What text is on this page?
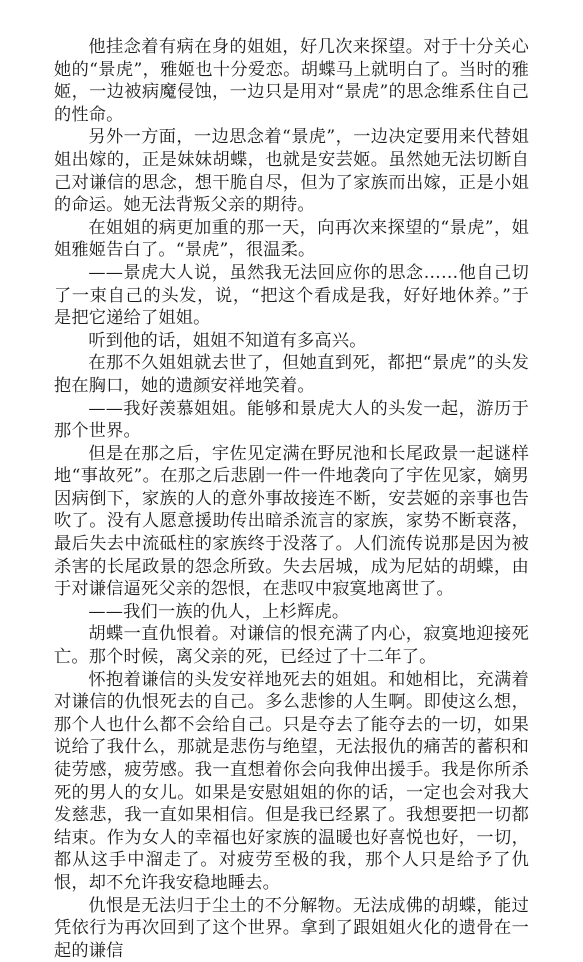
他挂念着有病在身的姐姐，好几次来探望。对于十分关心她的“景虎”，雅姬也十分爱恋。胡蝶马上就明白了。当时的雅姬，一边被病魔侵蚀，一边只是用对“景虎”的思念维系住自己的性命。

另外一方面，一边思念着“景虎”，一边决定要用来代替姐姐出嫁的，正是妹妹胡蝶，也就是安芸姬。虽然她无法切断自己对谦信的思念，想干脆自尽，但为了家族而出嫁，正是小姐的命运。她无法背叛父亲的期待。

在姐姐的病更加重的那一天，向再次来探望的“景虎”，姐姐雅姬告白了。“景虎”，很温柔。

——景虎大人说，虽然我无法回应你的思念……他自己切了一束自己的头发，说，“把这个看成是我，好好地休养。”于是把它递给了姐姐。

听到他的话，姐姐不知道有多高兴。

在那不久姐姐就去世了，但她直到死，都把“景虎”的头发抱在胸口，她的遗颜安祥地笑着。

——我好羡慕姐姐。能够和景虎大人的头发一起，游历于那个世界。

但是在那之后，宇佐见定满在野尻池和长尾政景一起谜样地“事故死”。在那之后悲剧一件一件地袭向了宇佐见家，嫡男因病倒下，家族的人的意外事故接连不断，安芸姬的亲事也告吹了。没有人愿意援助传出暗杀流言的家族，家势不断衰落，最后失去中流砥柱的家族终于没落了。人们流传说那是因为被杀害的长尾政景的怨念所致。失去居城，成为尼姑的胡蝶，由于对谦信逼死父亲的怨恨，在悲叹中寂寞地离世了。

——我们一族的仇人，上杉辉虎。

胡蝶一直仇恨着。对谦信的恨充满了内心，寂寞地迎接死亡。那个时候，离父亲的死，已经过了十二年了。

怀抱着谦信的头发安祥地死去的姐姐。和她相比，充满着对谦信的仇恨死去的自己。多么悲惨的人生啊。即使这么想，那个人也什么都不会给自己。只是夺去了能夺去的一切，如果说给了我什么，那就是悲伤与绝望，无法报仇的痛苦的蓄积和徒劳感，疲劳感。我一直想着你会向我伸出援手。我是你所杀死的男人的女儿。如果是安慰姐姐的你的话，一定也会对我大发慈悲，我一直如果相信。但是我已经累了。我想要把一切都结束。作为女人的幸福也好家族的温暖也好喜悦也好，一切，都从这手中溜走了。对疲劳至极的我，那个人只是给予了仇恨，却不允许我安稳地睡去。

仇恨是无法归于尘土的不分解物。无法成佛的胡蝶，能过凭依行为再次回到了这个世界。拿到了跟姐姐火化的遗骨在一起的谦信
